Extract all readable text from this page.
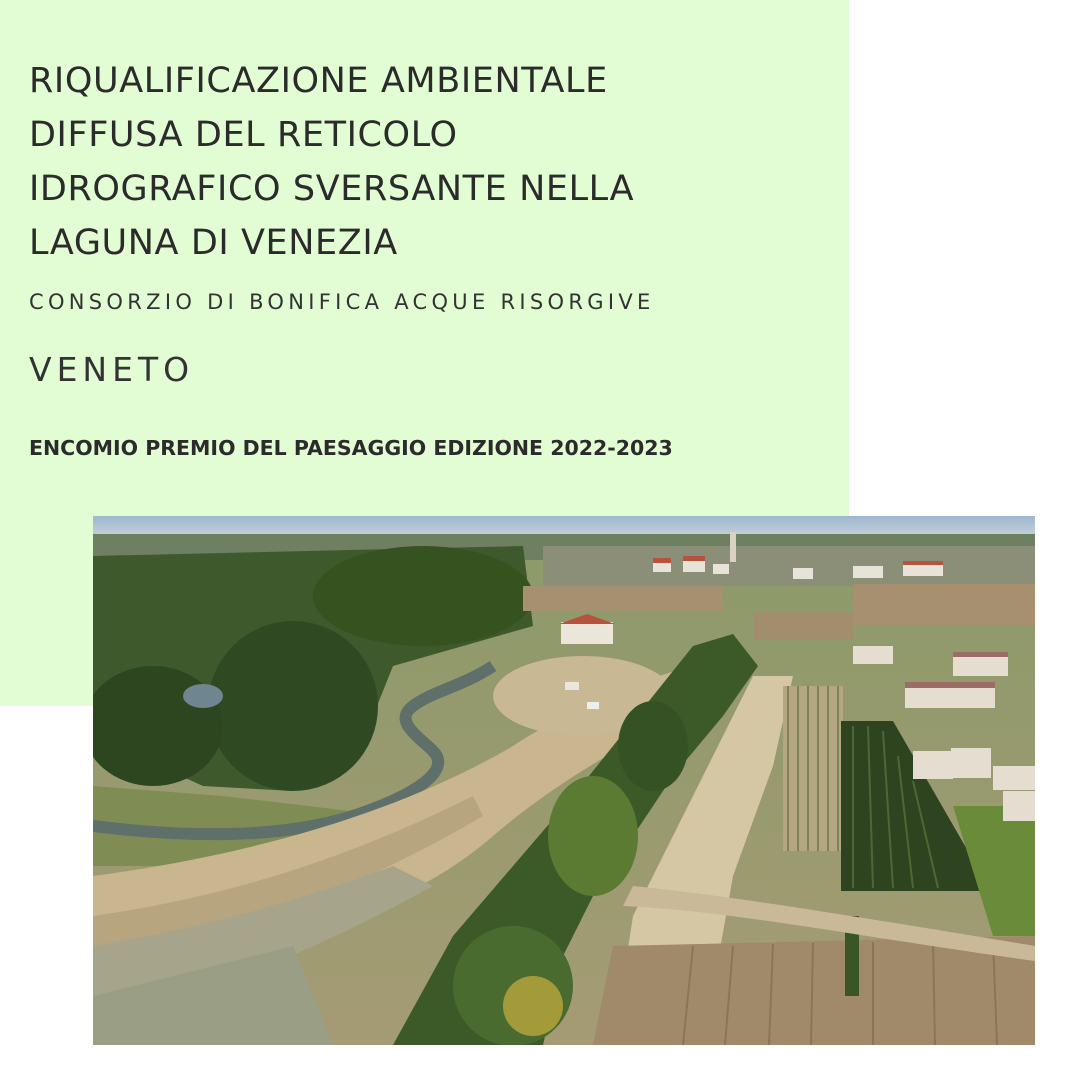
RIQUALIFICAZIONE AMBIENTALE
DIFFUSA DEL RETICOLO
IDROGRAFICO SVERSANTE NELLA
LAGUNA DI VENEZIA

CONSORZIO DI BONIFICA ACQUE RISORGIVE

VENETO

ENCOMIO PREMIO DEL PAESAGGIO EDIZIONE 2022-2023
